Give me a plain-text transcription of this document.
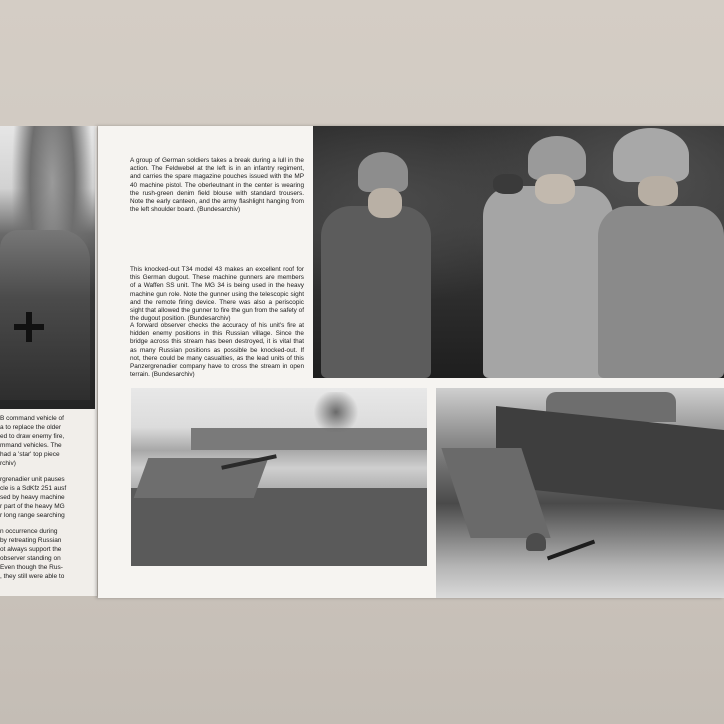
B command vehicle of
a to replace the older
ed to draw enemy fire,
mmand vehicles. The
had a 'star' top piece
rchiv)
rgrenadier unit pauses
cle is a SdKfz 251 ausf
sed by heavy machine
r part of the heavy MG
r long range searching
n occurrence during
by retreating Russian
ot always support the
observer standing on
Even though the Rus-
, they still were able to
A group of German soldiers takes a break during a lull in the action. The Feldwebel at the left is in an infantry regiment, and carries the spare magazine pouches issued with the MP 40 machine pistol. The oberleutnant in the center is wearing the rush-green denim field blouse with standard trousers. Note the early canteen, and the army flashlight hanging from the left shoulder board. (Bundesarchiv)
This knocked-out T34 model 43 makes an excellent roof for this German dugout. These machine gunners are members of a Waffen SS unit. The MG 34 is being used in the heavy machine gun role. Note the gunner using the telescopic sight and the remote firing device. There was also a periscopic sight that allowed the gunner to fire the gun from the safety of the dugout position. (Bundesarchiv)
A forward observer checks the accuracy of his unit's fire at hidden enemy positions in this Russian village. Since the bridge across this stream has been destroyed, it is vital that as many Russian positions as possible be knocked-out. If not, there could be many casualties, as the lead units of this Panzergrenadier company have to cross the stream in open terrain. (Bundesarchiv)
